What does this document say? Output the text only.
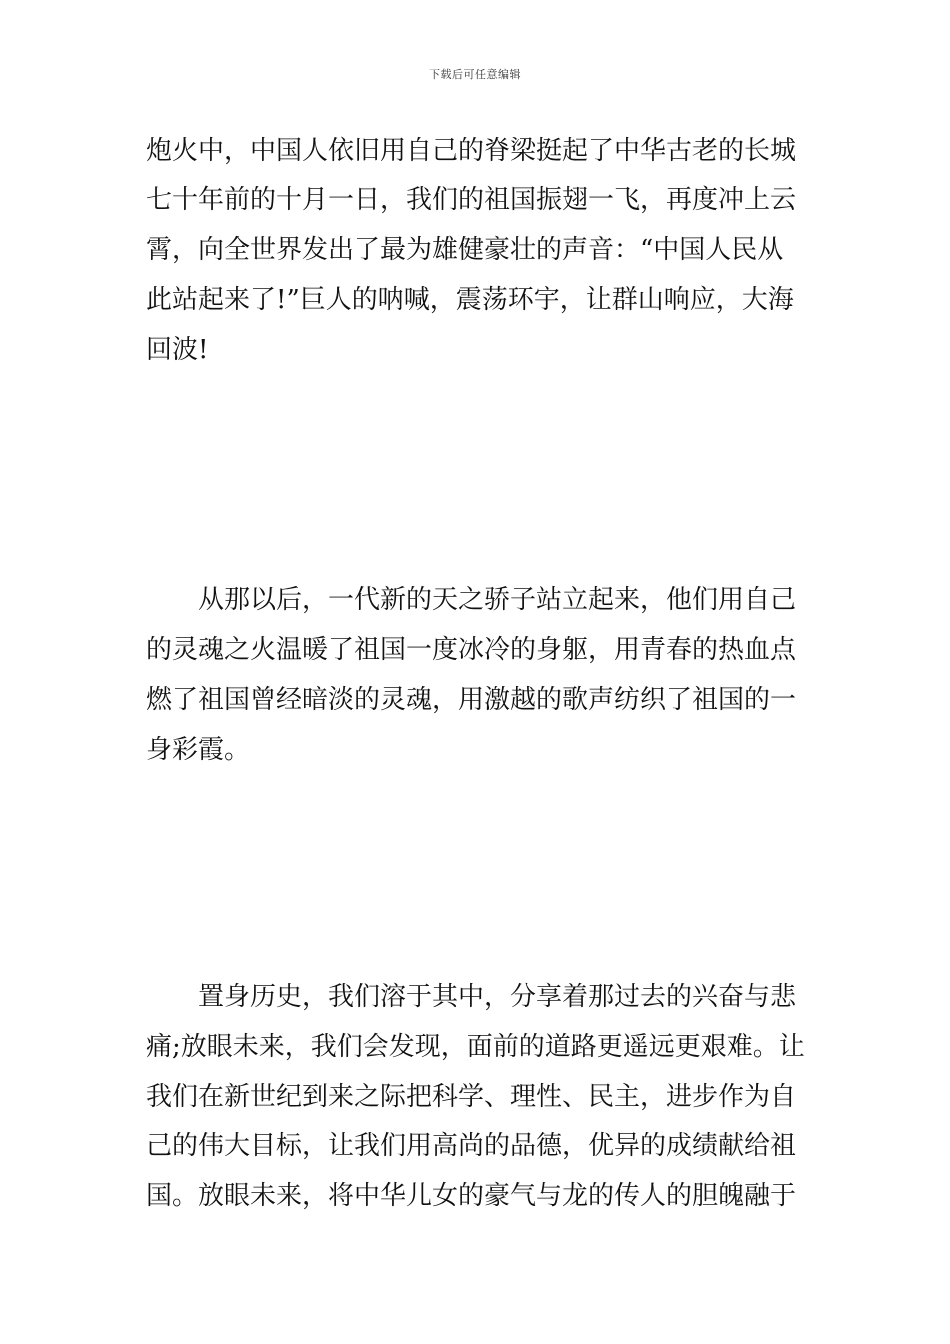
下载后可任意编辑
炮火中，中国人依旧用自己的脊梁挺起了中华古老的长城
七十年前的十月一日，我们的祖国振翅一飞，再度冲上云
霄，向全世界发出了最为雄健豪壮的声音：“中国人民从
此站起来了!”巨人的呐喊，震荡环宇，让群山响应，大海
回波!
　　从那以后，一代新的天之骄子站立起来，他们用自己
的灵魂之火温暖了祖国一度冰冷的身躯，用青春的热血点
燃了祖国曾经暗淡的灵魂，用激越的歌声纺织了祖国的一
身彩霞。
　　置身历史，我们溶于其中，分享着那过去的兴奋与悲
痛;放眼未来，我们会发现，面前的道路更遥远更艰难。让
我们在新世纪到来之际把科学、理性、民主，进步作为自
己的伟大目标，让我们用高尚的品德，优异的成绩献给祖
国。放眼未来，将中华儿女的豪气与龙的传人的胆魄融于
